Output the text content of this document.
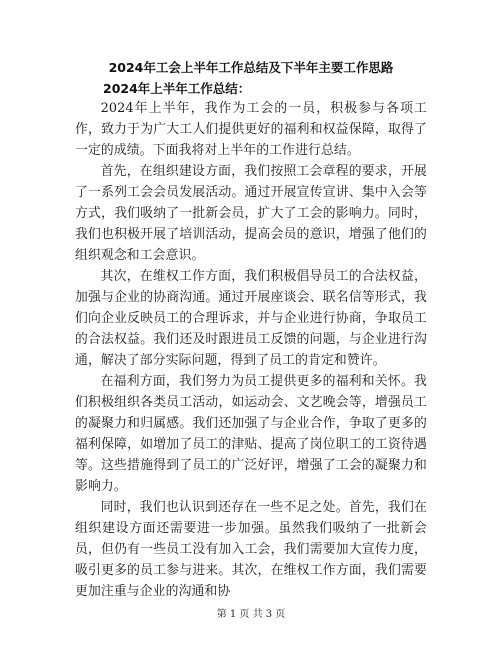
2024年工会上半年工作总结及下半年主要工作思路
2024年上半年工作总结：

2024年上半年，我作为工会的一员，积极参与各项工作，致力于为广大工人们提供更好的福利和权益保障，取得了一定的成绩。下面我将对上半年的工作进行总结。

首先，在组织建设方面，我们按照工会章程的要求，开展了一系列工会会员发展活动。通过开展宣传宣讲、集中入会等方式，我们吸纳了一批新会员，扩大了工会的影响力。同时，我们也积极开展了培训活动，提高会员的意识，增强了他们的组织观念和工会意识。

其次，在维权工作方面，我们积极倡导员工的合法权益，加强与企业的协商沟通。通过开展座谈会、联名信等形式，我们向企业反映员工的合理诉求，并与企业进行协商，争取员工的合法权益。我们还及时跟进员工反馈的问题，与企业进行沟通，解决了部分实际问题，得到了员工的肯定和赞许。

在福利方面，我们努力为员工提供更多的福利和关怀。我们积极组织各类员工活动，如运动会、文艺晚会等，增强员工的凝聚力和归属感。我们还加强了与企业合作，争取了更多的福利保障，如增加了员工的津贴、提高了岗位职工的工资待遇等。这些措施得到了员工的广泛好评，增强了工会的凝聚力和影响力。

同时，我们也认识到还存在一些不足之处。首先，我们在组织建设方面还需要进一步加强。虽然我们吸纳了一批新会员，但仍有一些员工没有加入工会，我们需要加大宣传力度，吸引更多的员工参与进来。其次，在维权工作方面，我们需要更加注重与企业的沟通和协

第 1 页 共 3 页
